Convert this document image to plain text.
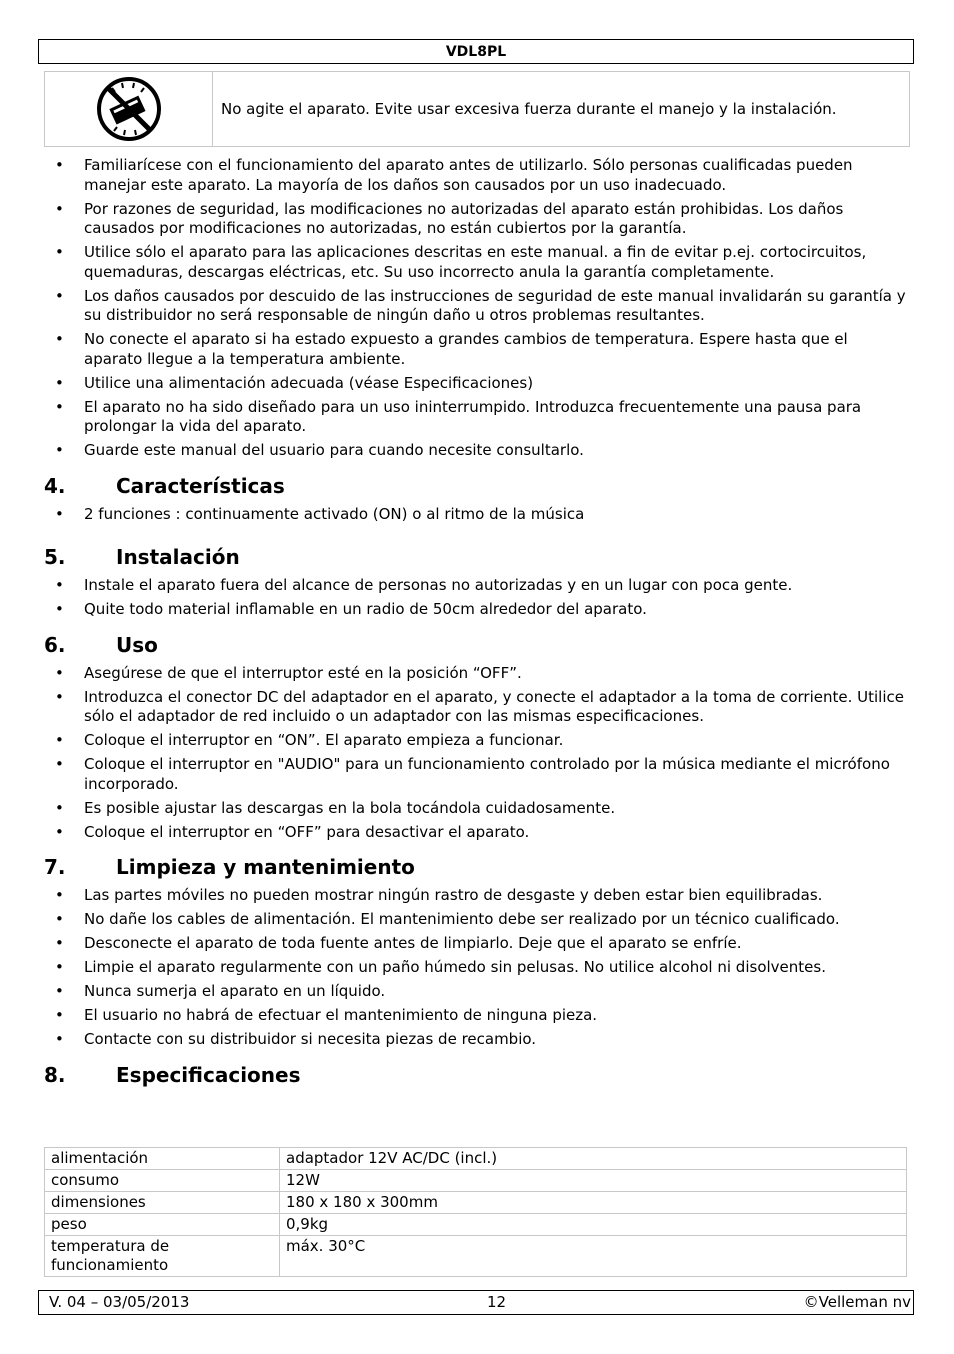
VDL8PL
No agite el aparato. Evite usar excesiva fuerza durante el manejo y la instalación.
• Familiarícese con el funcionamiento del aparato antes de utilizarlo. Sólo personas cualificadas pueden manejar este aparato. La mayoría de los daños son causados por un uso inadecuado.
• Por razones de seguridad, las modificaciones no autorizadas del aparato están prohibidas. Los daños causados por modificaciones no autorizadas, no están cubiertos por la garantía.
• Utilice sólo el aparato para las aplicaciones descritas en este manual. a fin de evitar p.ej. cortocircuitos, quemaduras, descargas eléctricas, etc. Su uso incorrecto anula la garantía completamente.
• Los daños causados por descuido de las instrucciones de seguridad de este manual invalidarán su garantía y su distribuidor no será responsable de ningún daño u otros problemas resultantes.
• No conecte el aparato si ha estado expuesto a grandes cambios de temperatura. Espere hasta que el aparato llegue a la temperatura ambiente.
• Utilice una alimentación adecuada (véase Especificaciones)
• El aparato no ha sido diseñado para un uso ininterrumpido. Introduzca frecuentemente una pausa para prolongar la vida del aparato.
• Guarde este manual del usuario para cuando necesite consultarlo.
4.	Características
• 2 funciones : continuamente activado (ON) o al ritmo de la música
5.	Instalación
• Instale el aparato fuera del alcance de personas no autorizadas y en un lugar con poca gente.
• Quite todo material inflamable en un radio de 50cm alrededor del aparato.
6.	Uso
• Asegúrese de que el interruptor esté en la posición “OFF”.
• Introduzca el conector DC del adaptador en el aparato, y conecte el adaptador a la toma de corriente. Utilice sólo el adaptador de red incluido o un adaptador con las mismas especificaciones.
• Coloque el interruptor en “ON”. El aparato empieza a funcionar.
• Coloque el interruptor en "AUDIO" para un funcionamiento controlado por la música mediante el micrófono incorporado.
• Es posible ajustar las descargas en la bola tocándola cuidadosamente.
• Coloque el interruptor en “OFF” para desactivar el aparato.
7.	Limpieza y mantenimiento
• Las partes móviles no pueden mostrar ningún rastro de desgaste y deben estar bien equilibradas.
• No dañe los cables de alimentación. El mantenimiento debe ser realizado por un técnico cualificado.
• Desconecte el aparato de toda fuente antes de limpiarlo. Deje que el aparato se enfríe.
• Limpie el aparato regularmente con un paño húmedo sin pelusas. No utilice alcohol ni disolventes.
• Nunca sumerja el aparato en un líquido.
• El usuario no habrá de efectuar el mantenimiento de ninguna pieza.
• Contacte con su distribuidor si necesita piezas de recambio.
8.	Especificaciones
alimentación	adaptador 12V AC/DC (incl.)
consumo	12W
dimensiones	180 x 180 x 300mm
peso	0,9kg
temperatura de funcionamiento	máx. 30°C
V. 04 – 03/05/2013	12	©Velleman nv
